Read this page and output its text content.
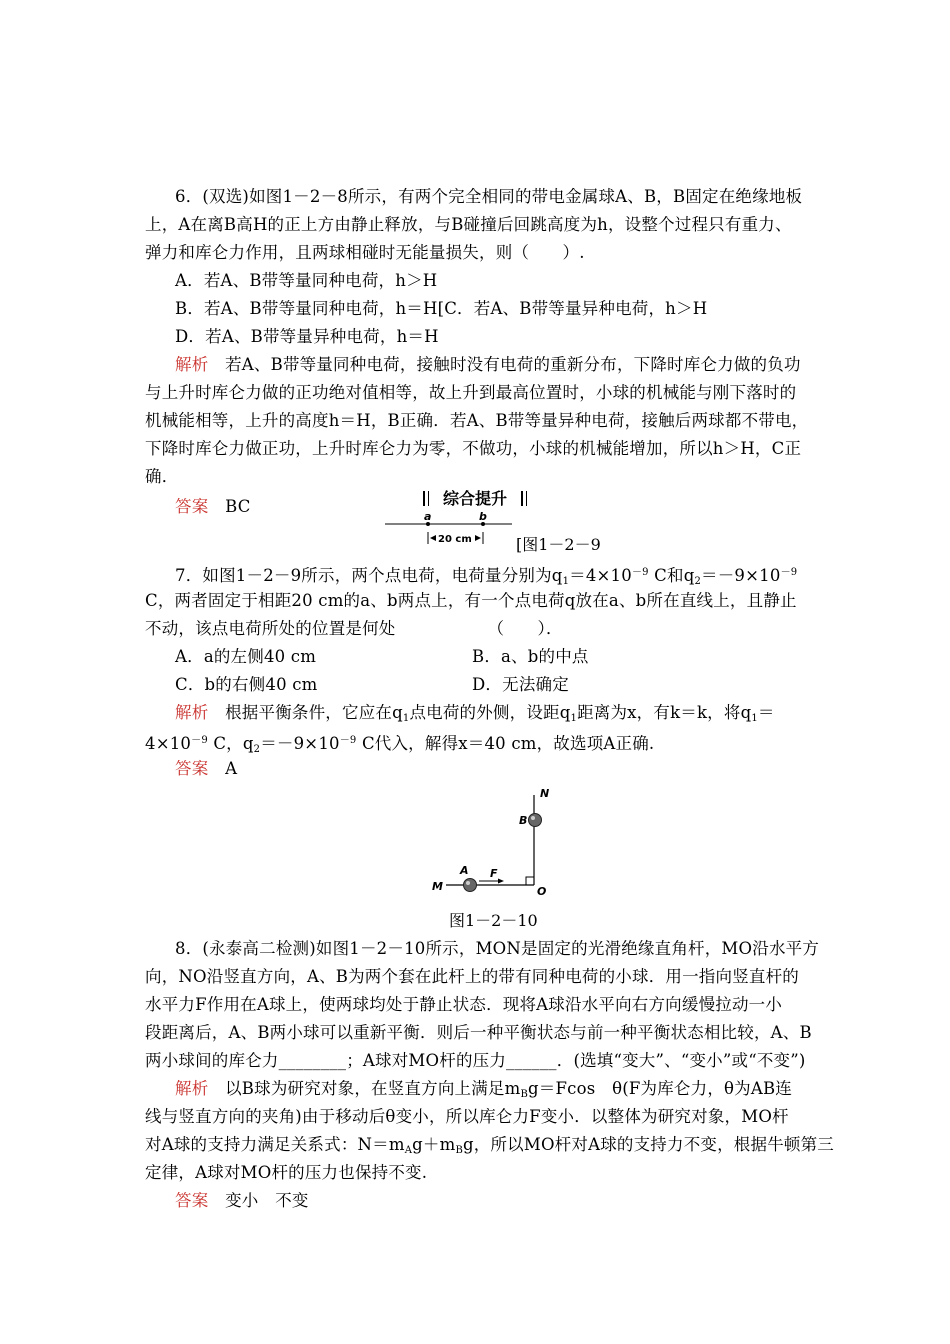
6．(双选)如图1－2－8所示，有两个完全相同的带电金属球A、B，B固定在绝缘地板
上，A在离B高H的正上方由静止释放，与B碰撞后回跳高度为h，设整个过程只有重力、
弹力和库仑力作用，且两球相碰时无能量损失，则（　　）.
A．若A、B带等量同种电荷，h＞H
B．若A、B带等量同种电荷，h＝H[C．若A、B带等量异种电荷，h＞H
D．若A、B带等量异种电荷，h＝H
解析　 若A、B带等量同种电荷，接触时没有电荷的重新分布，下降时库仑力做的负功
与上升时库仑力做的正功绝对值相等，故上升到最高位置时，小球的机械能与刚下落时的
机械能相等，上升的高度h＝H，B正确．若A、B带等量异种电荷，接触后两球都不带电，
下降时库仑力做正功，上升时库仑力为零，不做功，小球的机械能增加，所以h＞H，C正
确．
答案　 BC	综合提升
a	b
20 cm	[图1－2－9
7．如图1－2－9所示，两个点电荷，电荷量分别为$q_1=4\times 10^{-9}$ C和$q_2=-9\times 10^{-9}$
C，两者固定于相距20 cm的a、b两点上，有一个点电荷q放在a、b所在直线上，且静止
不动，该点电荷所处的位置是何处　　　　　　（　　）．
A．a的左侧40 cm	B．a、b的中点
C．b的右侧40 cm	D．无法确定
解析　 根据平衡条件，它应在$q_1$点电荷的外侧，设距$q_1$距离为x，有k＝k，将$q_1=$
$4\times 10^{-9}$ C，$q_2=-9\times 10^{-9}$ C代入，解得x＝40 cm，故选项A正确.
答案　 A
N
B
A F
M	O
图1－2－10
8．(永泰高二检测)如图1－2－10所示，MON是固定的光滑绝缘直角杆，MO沿水平方
向，NO沿竖直方向，A、B为两个套在此杆上的带有同种电荷的小球．用一指向竖直杆的
水平力F作用在A球上，使两球均处于静止状态．现将A球沿水平向右方向缓慢拉动一小
段距离后，A、B两小球可以重新平衡．则后一种平衡状态与前一种平衡状态相比较，A、B
两小球间的库仑力________；A球对MO杆的压力______．(选填“变大”、“变小”或“不变”)
解析　 以B球为研究对象，在竖直方向上满足$m_Bg=Fcos$　θ(F为库仑力，θ为AB连
线与竖直方向的夹角)由于移动后θ变小，所以库仑力F变小．以整体为研究对象，MO杆
对A球的支持力满足关系式：$N=m_Ag+m_Bg$，所以MO杆对A球的支持力不变，根据牛顿第三
定律，A球对MO杆的压力也保持不变.
答案　 变小　不变
